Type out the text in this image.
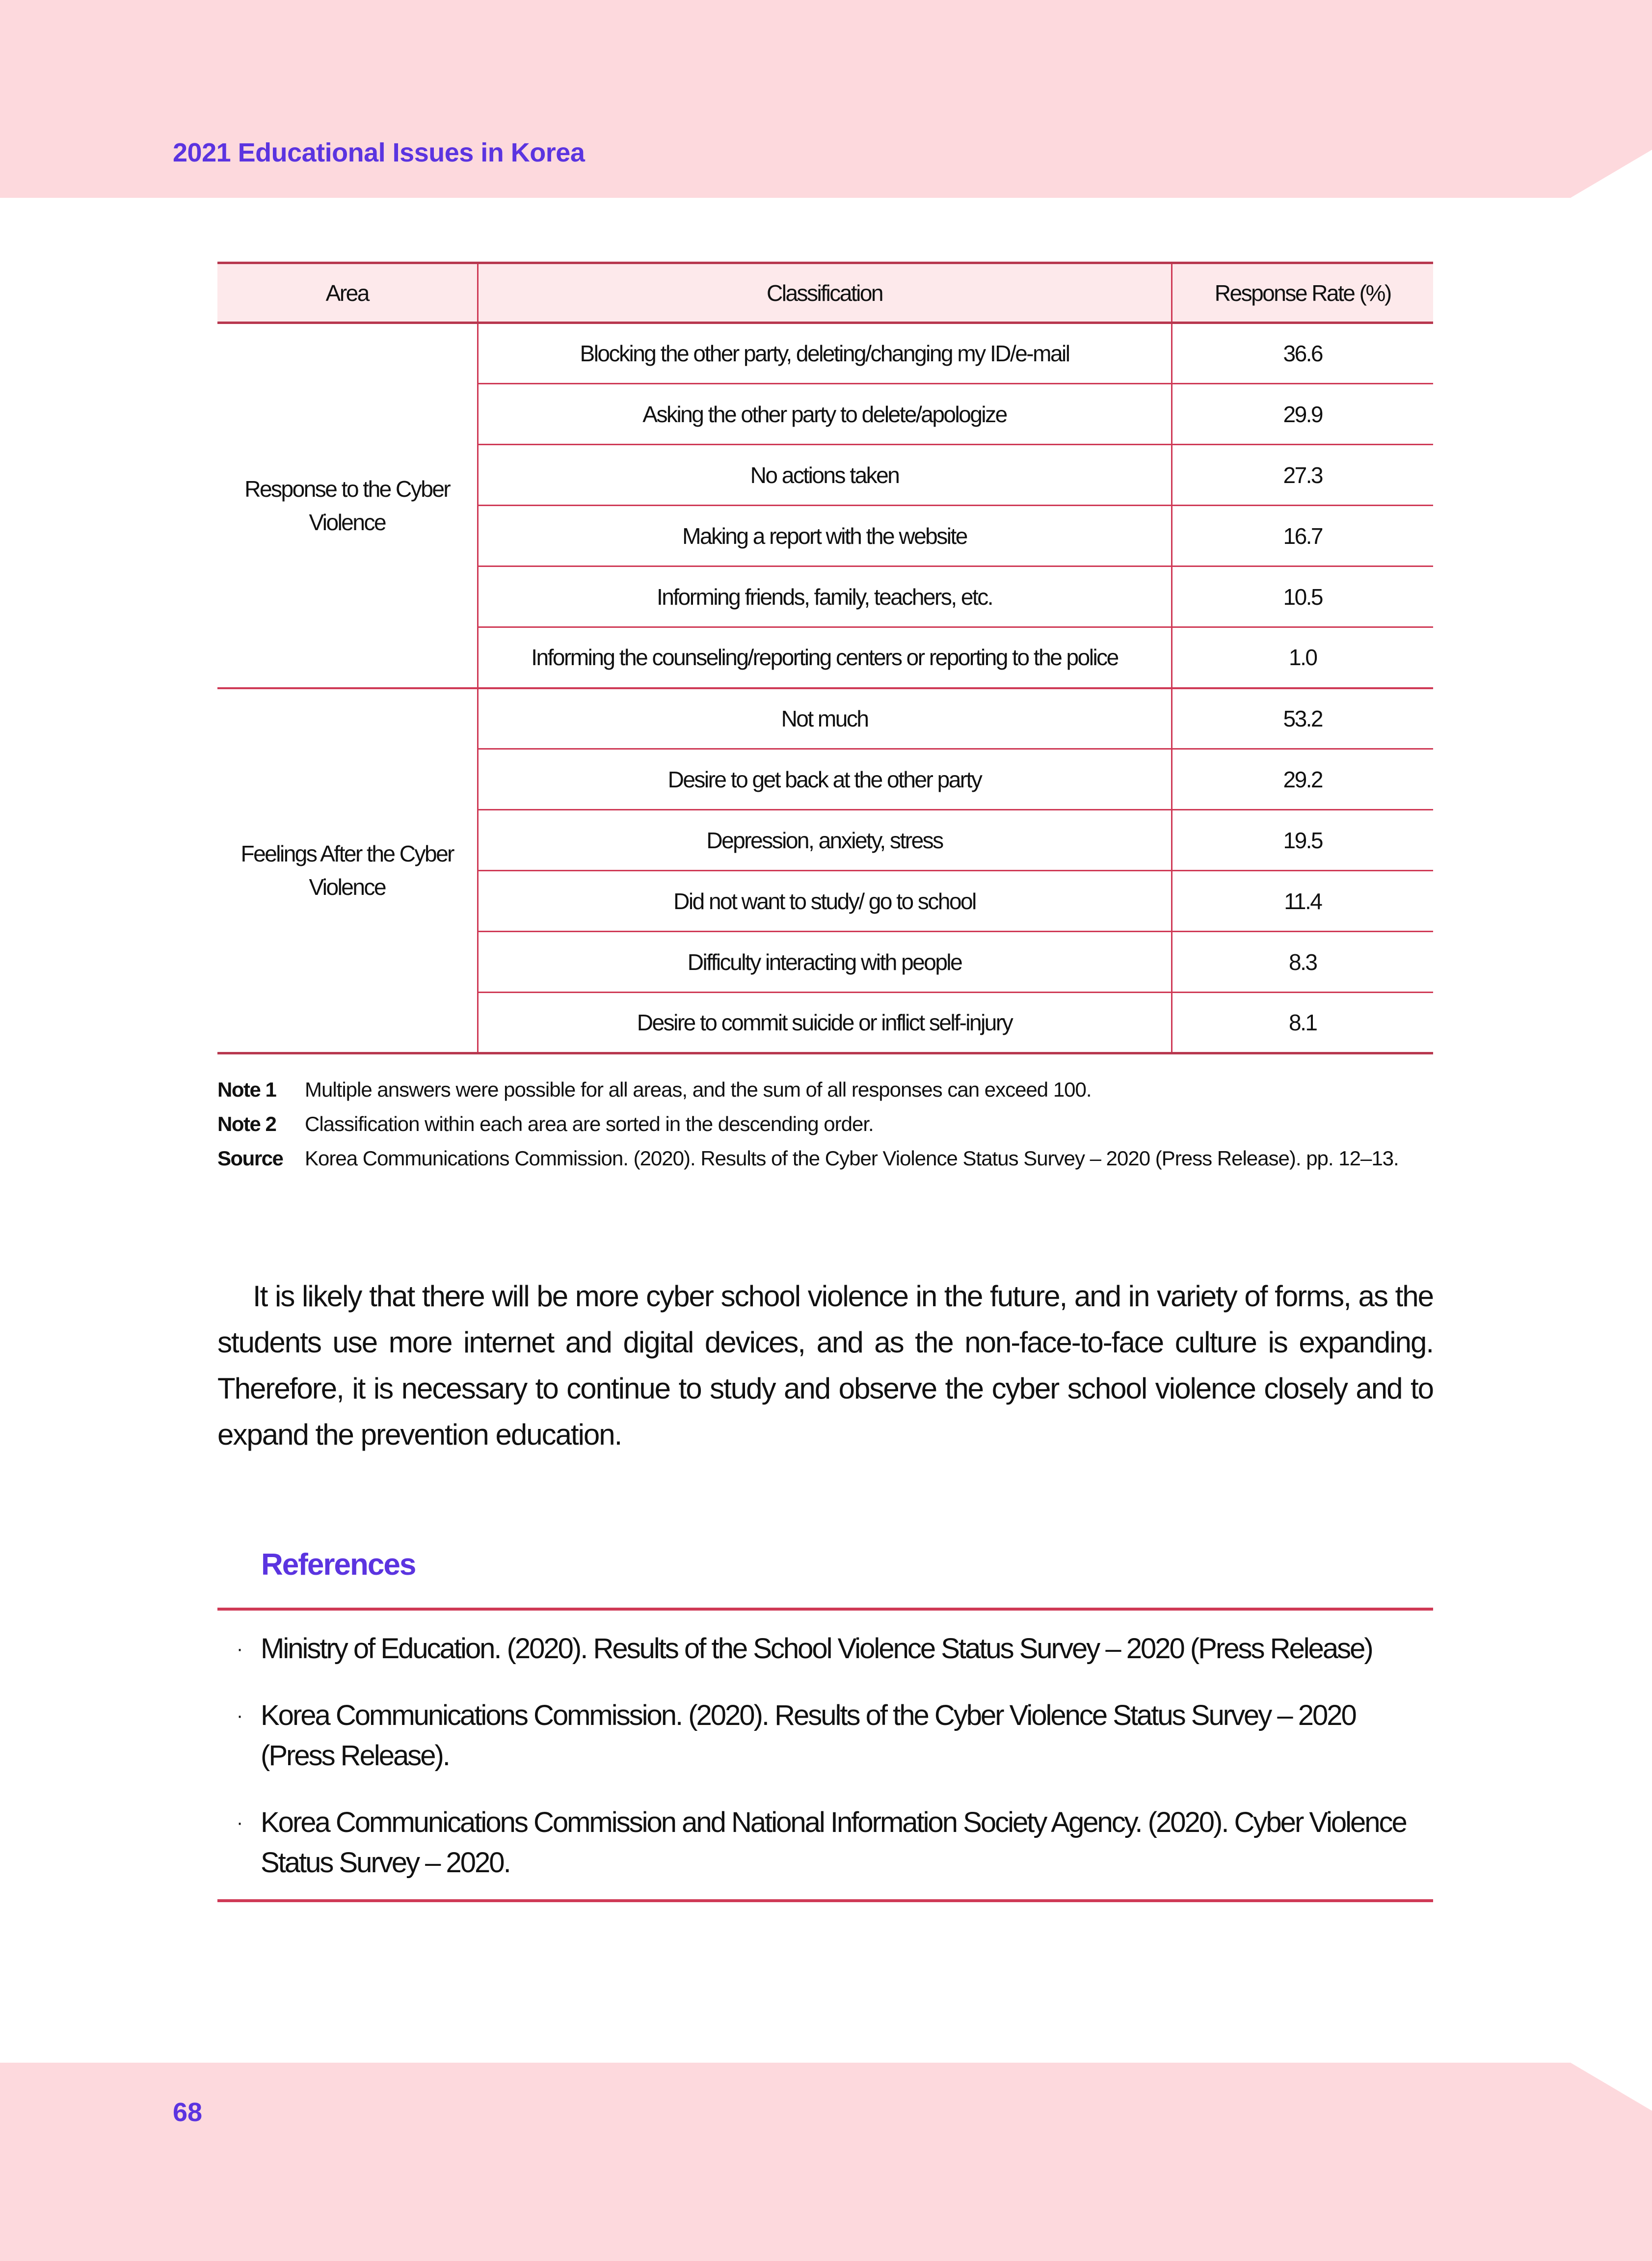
2021 Educational Issues in Korea
Area	Classification	Response Rate (%)
Response to the Cyber Violence	Blocking the other party, deleting/changing my ID/e-mail	36.6
	Asking the other party to delete/apologize	29.9
	No actions taken	27.3
	Making a report with the website	16.7
	Informing friends, family, teachers, etc.	10.5
	Informing the counseling/reporting centers or reporting to the police	1.0
Feelings After the Cyber Violence	Not much	53.2
	Desire to get back at the other party	29.2
	Depression, anxiety, stress	19.5
	Did not want to study/ go to school	11.4
	Difficulty interacting with people	8.3
	Desire to commit suicide or inflict self-injury	8.1
Note 1	Multiple answers were possible for all areas, and the sum of all responses can exceed 100.
Note 2	Classification within each area are sorted in the descending order.
Source	Korea Communications Commission. (2020). Results of the Cyber Violence Status Survey – 2020 (Press Release). pp. 12–13.

It is likely that there will be more cyber school violence in the future, and in variety of forms, as the students use more internet and digital devices, and as the non-face-to-face culture is expanding. Therefore, it is necessary to continue to study and observe the cyber school violence closely and to expand the prevention education.

References
· Ministry of Education. (2020). Results of the School Violence Status Survey – 2020 (Press Release)
· Korea Communications Commission. (2020). Results of the Cyber Violence Status Survey – 2020 (Press Release).
· Korea Communications Commission and National Information Society Agency. (2020). Cyber Violence Status Survey – 2020.
68
